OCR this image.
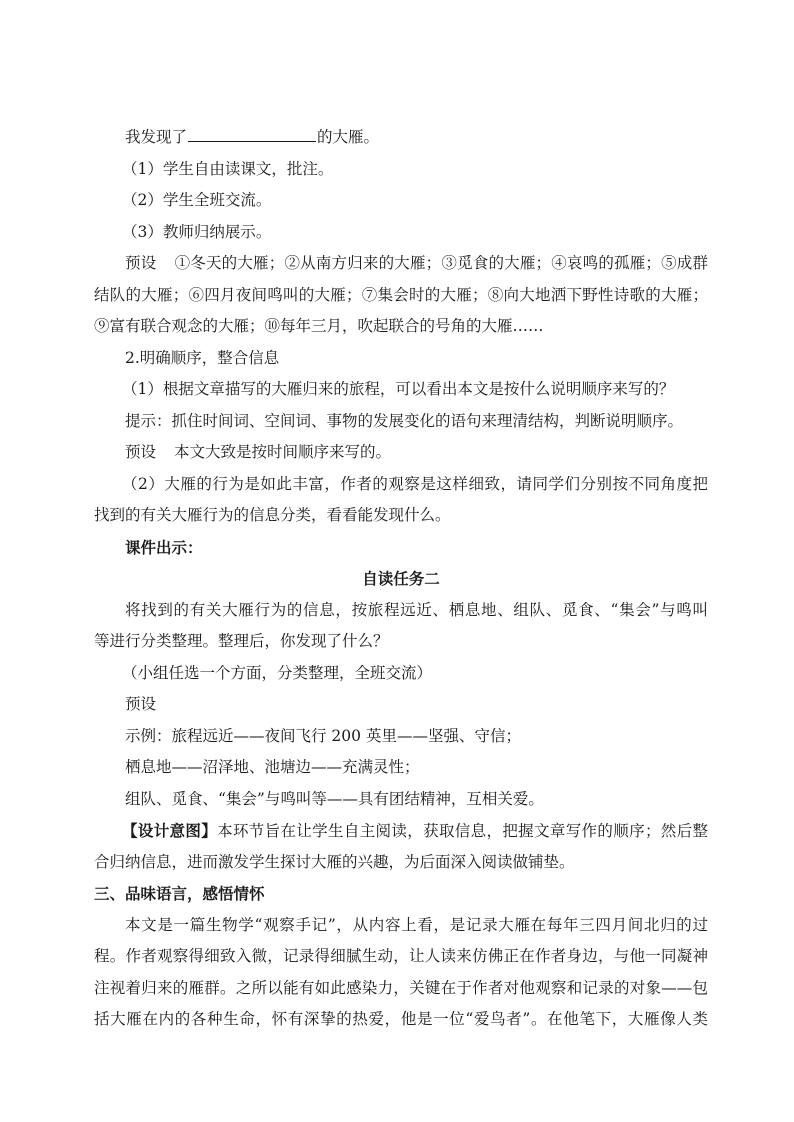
我发现了	的大雁。

（1）学生自由读课文，批注。

（2）学生全班交流。

（3）教师归纳展示。

预设 ①冬天的大雁；②从南方归来的大雁；③觅食的大雁；④哀鸣的孤雁；⑤成群

结队的大雁；⑥四月夜间鸣叫的大雁；⑦集会时的大雁；⑧向大地洒下野性诗歌的大雁；

⑨富有联合观念的大雁；⑩每年三月，吹起联合的号角的大雁……

2.明确顺序，整合信息

（1）根据文章描写的大雁归来的旅程，可以看出本文是按什么说明顺序来写的？

提示：抓住时间词、空间词、事物的发展变化的语句来理清结构，判断说明顺序。

预设 本文大致是按时间顺序来写的。

（2）大雁的行为是如此丰富，作者的观察是这样细致，请同学们分别按不同角度把

找到的有关大雁行为的信息分类，看看能发现什么。

课件出示：

自读任务二

将找到的有关大雁行为的信息，按旅程远近、栖息地、组队、觅食、“集会”与鸣叫

等进行分类整理。整理后，你发现了什么？

（小组任选一个方面，分类整理，全班交流）

预设

示例：旅程远近——夜间飞行 200 英里——坚强、守信；

栖息地——沼泽地、池塘边——充满灵性；

组队、觅食、“集会”与鸣叫等——具有团结精神，互相关爱。

【设计意图】本环节旨在让学生自主阅读，获取信息，把握文章写作的顺序；然后整

合归纳信息，进而激发学生探讨大雁的兴趣，为后面深入阅读做铺垫。

三、品味语言，感悟情怀

本文是一篇生物学“观察手记”，从内容上看，是记录大雁在每年三四月间北归的过

程。作者观察得细致入微，记录得细腻生动，让人读来仿佛正在作者身边，与他一同凝神

注视着归来的雁群。之所以能有如此感染力，关键在于作者对他观察和记录的对象——包

括大雁在内的各种生命，怀有深挚的热爱，他是一位“爱鸟者”。在他笔下，大雁像人类
